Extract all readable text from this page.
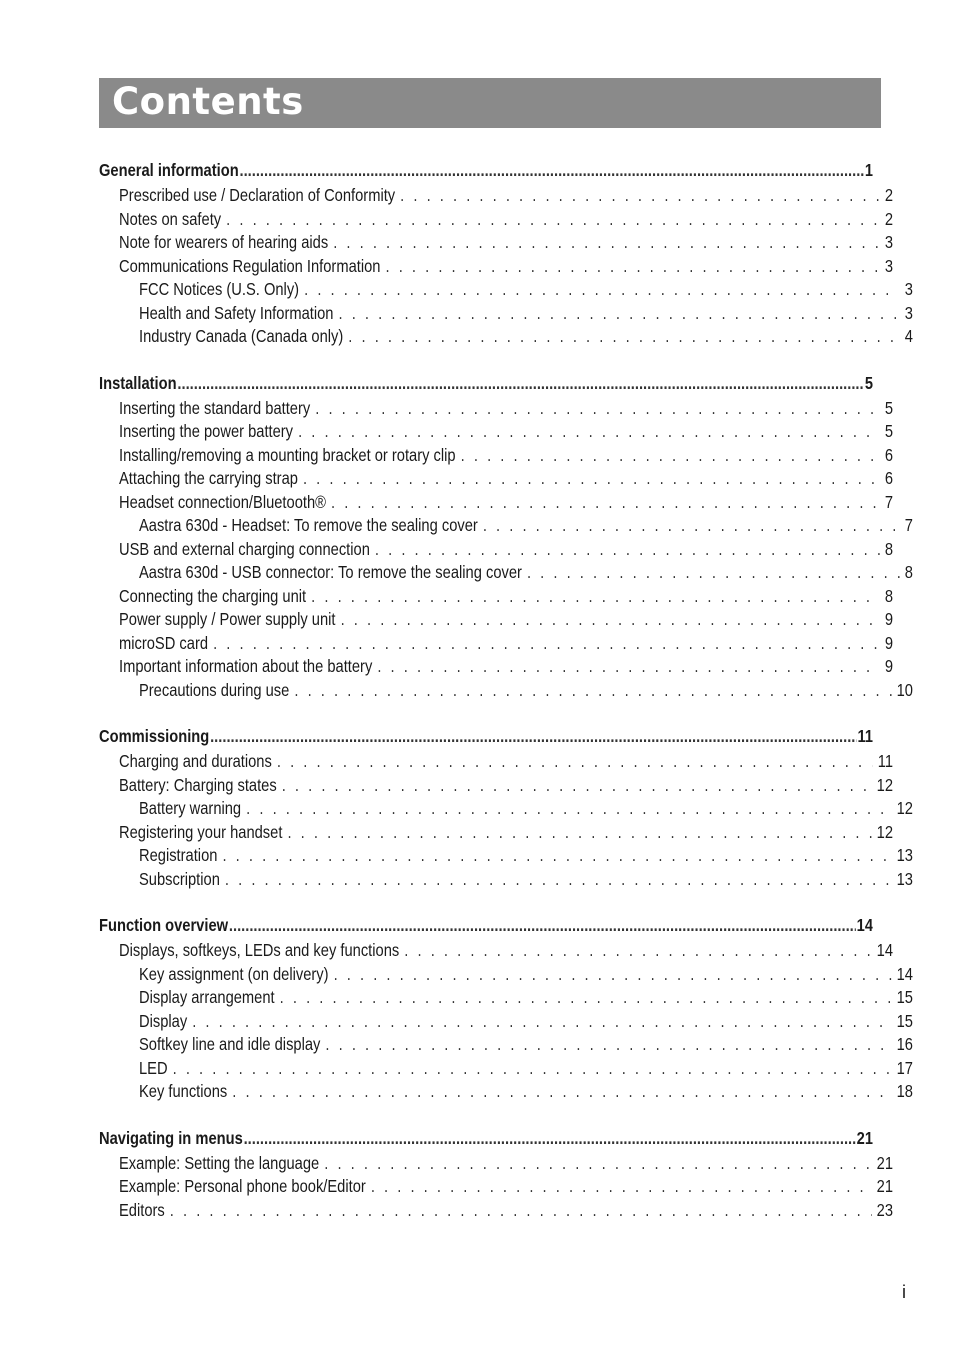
Contents
General information .....	1
Prescribed use / Declaration of Conformity . . .	2
Notes on safety . . .	2
Note for wearers of hearing aids . . .	3
Communications Regulation Information . . .	3
FCC Notices (U.S. Only) . . .	3
Health and Safety Information . . .	3
Industry Canada (Canada only) . . .	4
Installation .....	5
Inserting the standard battery . . .	5
Inserting the power battery . . .	5
Installing/removing a mounting bracket or rotary clip . . .	6
Attaching the carrying strap . . .	6
Headset connection/Bluetooth® . . .	7
Aastra 630d - Headset: To remove the sealing cover . . .	7
USB and external charging connection . . .	8
Aastra 630d - USB connector: To remove the sealing cover . . .	8
Connecting the charging unit . . .	8
Power supply / Power supply unit . . .	9
microSD card . . .	9
Important information about the battery . . .	9
Precautions during use . . .	10
Commissioning .....	11
Charging and durations . . .	11
Battery: Charging states . . .	12
Battery warning . . .	12
Registering your handset . . .	12
Registration . . .	13
Subscription . . .	13
Function overview .....	14
Displays, softkeys, LEDs and key functions . . .	14
Key assignment (on delivery) . . .	14
Display arrangement . . .	15
Display . . .	15
Softkey line and idle display . . .	16
LED . . .	17
Key functions . . .	18
Navigating in menus .....	21
Example: Setting the language . . .	21
Example: Personal phone book/Editor . . .	21
Editors . . .	23
i
